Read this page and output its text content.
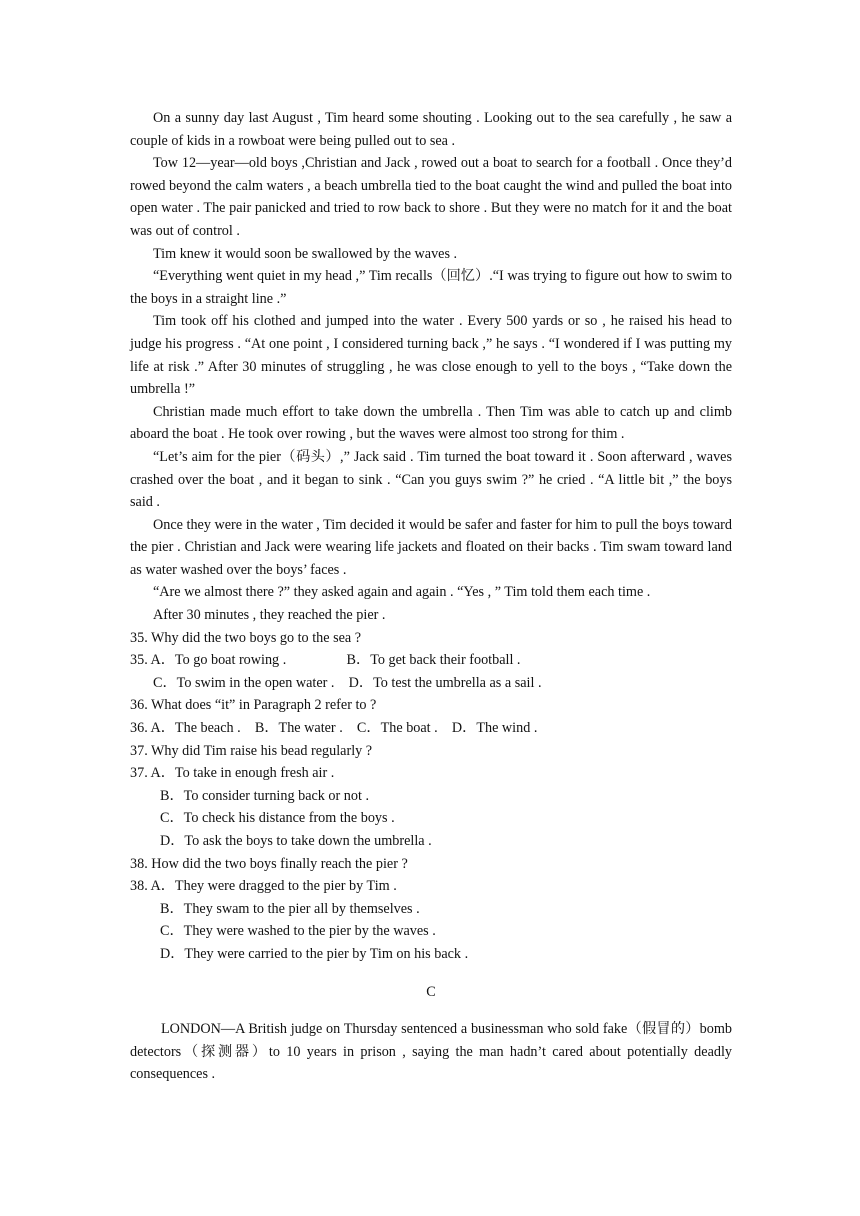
On a sunny day last August , Tim heard some shouting . Looking out to the sea carefully , he saw a couple of kids in a rowboat were being pulled out to sea .

Tow 12—year—old boys ,Christian and Jack , rowed out a boat to search for a football . Once they’d rowed beyond the calm waters , a beach umbrella tied to the boat caught the wind and pulled the boat into open water . The pair panicked and tried to row back to shore . But they were no match for it and the boat was out of control .

Tim knew it would soon be swallowed by the waves .

“Everything went quiet in my head ,” Tim recalls（回忆）.“I was trying to figure out how to swim to the boys in a straight line .”

Tim took off his clothed and jumped into the water . Every 500 yards or so , he raised his head to judge his progress . “At one point , I considered turning back ,” he says . “I wondered if I was putting my life at risk .” After 30 minutes of struggling , he was close enough to yell to the boys , “Take down the umbrella !”

Christian made much effort to take down the umbrella . Then Tim was able to catch up and climb aboard the boat . He took over rowing , but the waves were almost too strong for thim .

“Let’s aim for the pier（码头）,” Jack said . Tim turned the boat toward it . Soon afterward , waves crashed over the boat , and it began to sink . “Can you guys swim ?” he cried . “A little bit ,” the boys said .

Once they were in the water , Tim decided it would be safer and faster for him to pull the boys toward the pier . Christian and Jack were wearing life jackets and floated on their backs . Tim swam toward land as water washed over the boys’ faces .

“Are we almost there ?” they asked again and again . “Yes , ” Tim told them each time .

After 30 minutes , they reached the pier .

35. Why did the two boys go to the sea ?

35. A．To go boat rowing .                 B．To get back their football .

C．To swim in the open water .    D．To test the umbrella as a sail .

36. What does “it” in Paragraph 2 refer to ?

36. A．The beach .    B．The water .    C．The boat .    D．The wind .

37. Why did Tim raise his bead regularly ?

37. A．To take in enough fresh air .

B．To consider turning back or not .

C．To check his distance from the boys .

D．To ask the boys to take down the umbrella .

38. How did the two boys finally reach the pier ?

38. A．They were dragged to the pier by Tim .

B．They swam to the pier all by themselves .

C．They were washed to the pier by the waves .

D．They were carried to the pier by Tim on his back .

C

LONDON—A British judge on Thursday sentenced a businessman who sold fake（假冒的）bomb detectors（探测器）to 10 years in prison , saying the man hadn’t cared about potentially deadly consequences .
